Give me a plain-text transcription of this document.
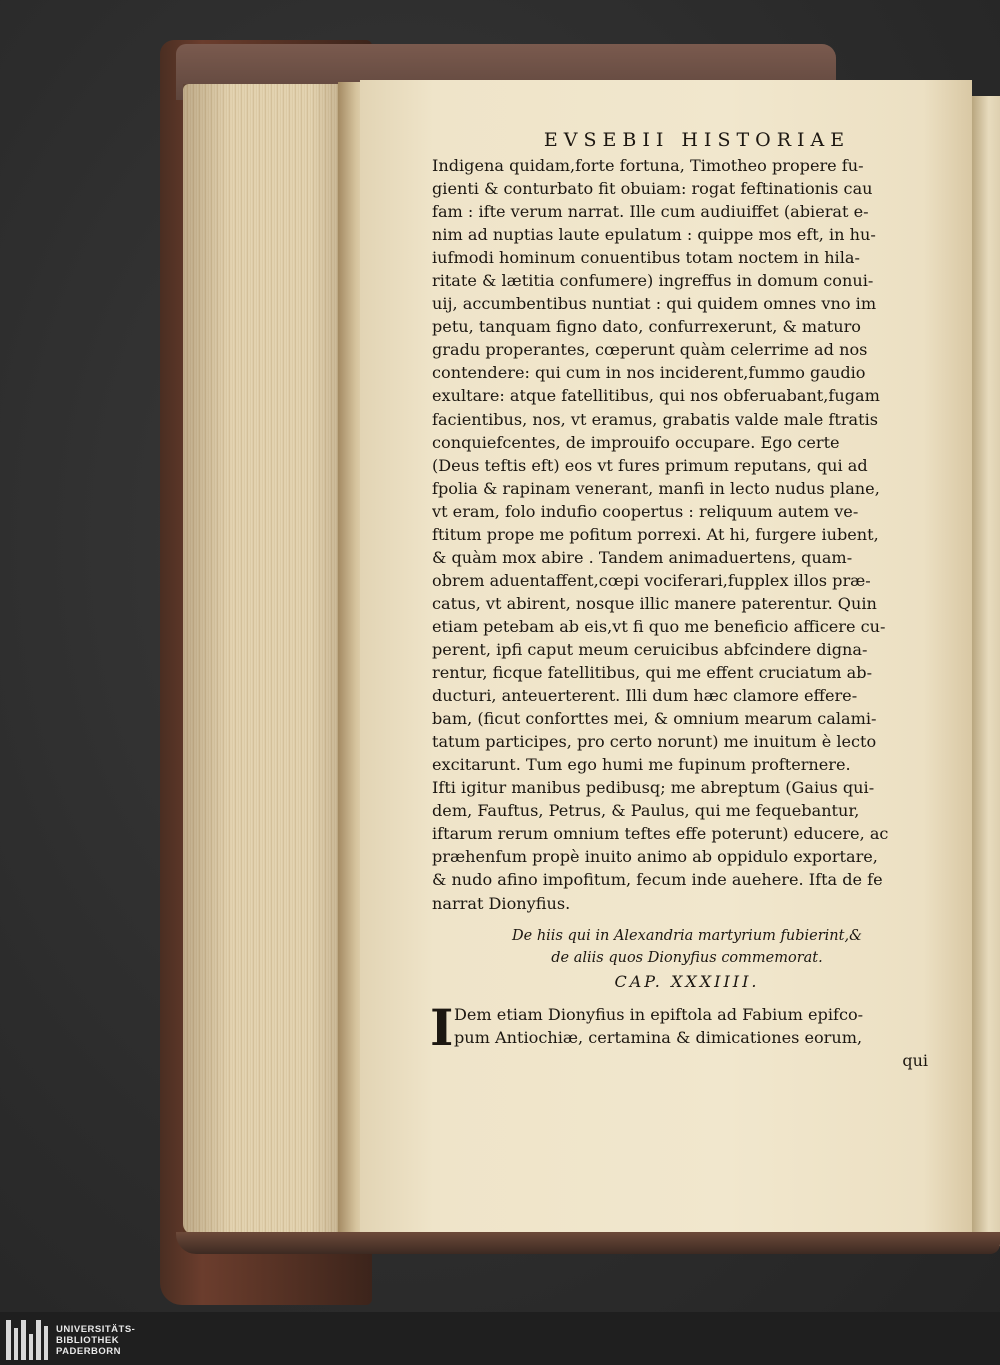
EVSEBII HISTORIAE
Indigena quidam,forte fortuna, Timotheo propere fu-
gienti & conturbato fit obuiam: rogat feftinationis cau
fam : ifte verum narrat. Ille cum audiuiffet (abierat e-
nim ad nuptias laute epulatum : quippe mos eft, in hu-
iufmodi hominum conuentibus totam noctem in hila-
ritate & lætitia confumere) ingreffus in domum conui-
uij, accumbentibus nuntiat : qui quidem omnes vno im
petu, tanquam figno dato, confurrexerunt, & maturo
gradu properantes, cœperunt quàm celerrime ad nos
contendere: qui cum in nos inciderent,fummo gaudio
exultare: atque fatellitibus, qui nos obferuabant,fugam
facientibus, nos, vt eramus, grabatis valde male ftratis
conquiefcentes, de improuifo occupare. Ego certe
(Deus teftis eft) eos vt fures primum reputans, qui ad
fpolia & rapinam venerant, manfi in lecto nudus plane,
vt eram, folo indufio coopertus : reliquum autem ve-
ftitum prope me pofitum porrexi. At hi, furgere iubent,
& quàm mox abire . Tandem animaduertens, quam-
obrem aduentaffent,cœpi vociferari,fupplex illos præ-
catus, vt abirent, nosque illic manere paterentur. Quin
etiam petebam ab eis,vt fi quo me beneficio afficere cu-
perent, ipfi caput meum ceruicibus abfcindere digna-
rentur, ficque fatellitibus, qui me effent cruciatum ab-
ducturi, anteuerterent. Illi dum hæc clamore effere-
bam, (ficut conforttes mei, & omnium mearum calami-
tatum participes, pro certo norunt) me inuitum è lecto
excitarunt. Tum ego humi me fupinum profternere.
Ifti igitur manibus pedibusq; me abreptum (Gaius qui-
dem, Fauftus, Petrus, & Paulus, qui me fequebantur,
iftarum rerum omnium teftes effe poterunt) educere, ac
præhenfum propè inuito animo ab oppidulo exportare,
& nudo afino impofitum, fecum inde auehere. Ifta de fe
narrat Dionyfius.
De hiis qui in Alexandria martyrium fubierint,&
de aliis quos Dionyfius commemorat.
CAP. XXXIIII.
I Dem etiam Dionyfius in epiftola ad Fabium epifco-
pum Antiochiæ, certamina & dimicationes eorum,
qui
UNIVERSITÄTS-
BIBLIOTHEK
PADERBORN
